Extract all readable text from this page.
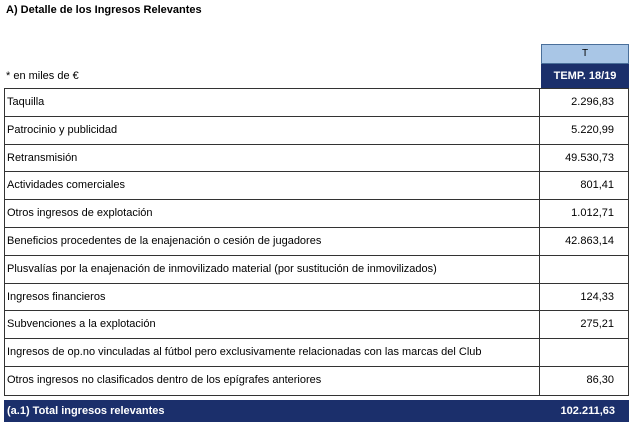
A) Detalle de los Ingresos Relevantes
T
TEMP. 18/19
* en miles de €
Taquilla	2.296,83
Patrocinio y publicidad	5.220,99
Retransmisión	49.530,73
Actividades comerciales	801,41
Otros ingresos de explotación	1.012,71
Beneficios procedentes de la enajenación o cesión de jugadores	42.863,14
Plusvalías por la enajenación de inmovilizado material (por sustitución de inmovilizados)
Ingresos financieros	124,33
Subvenciones a la explotación	275,21
Ingresos de op.no vinculadas al fútbol pero exclusivamente relacionadas con las marcas del Club
Otros ingresos no clasificados dentro de los epígrafes anteriores	86,30
(a.1) Total ingresos relevantes	102.211,63
